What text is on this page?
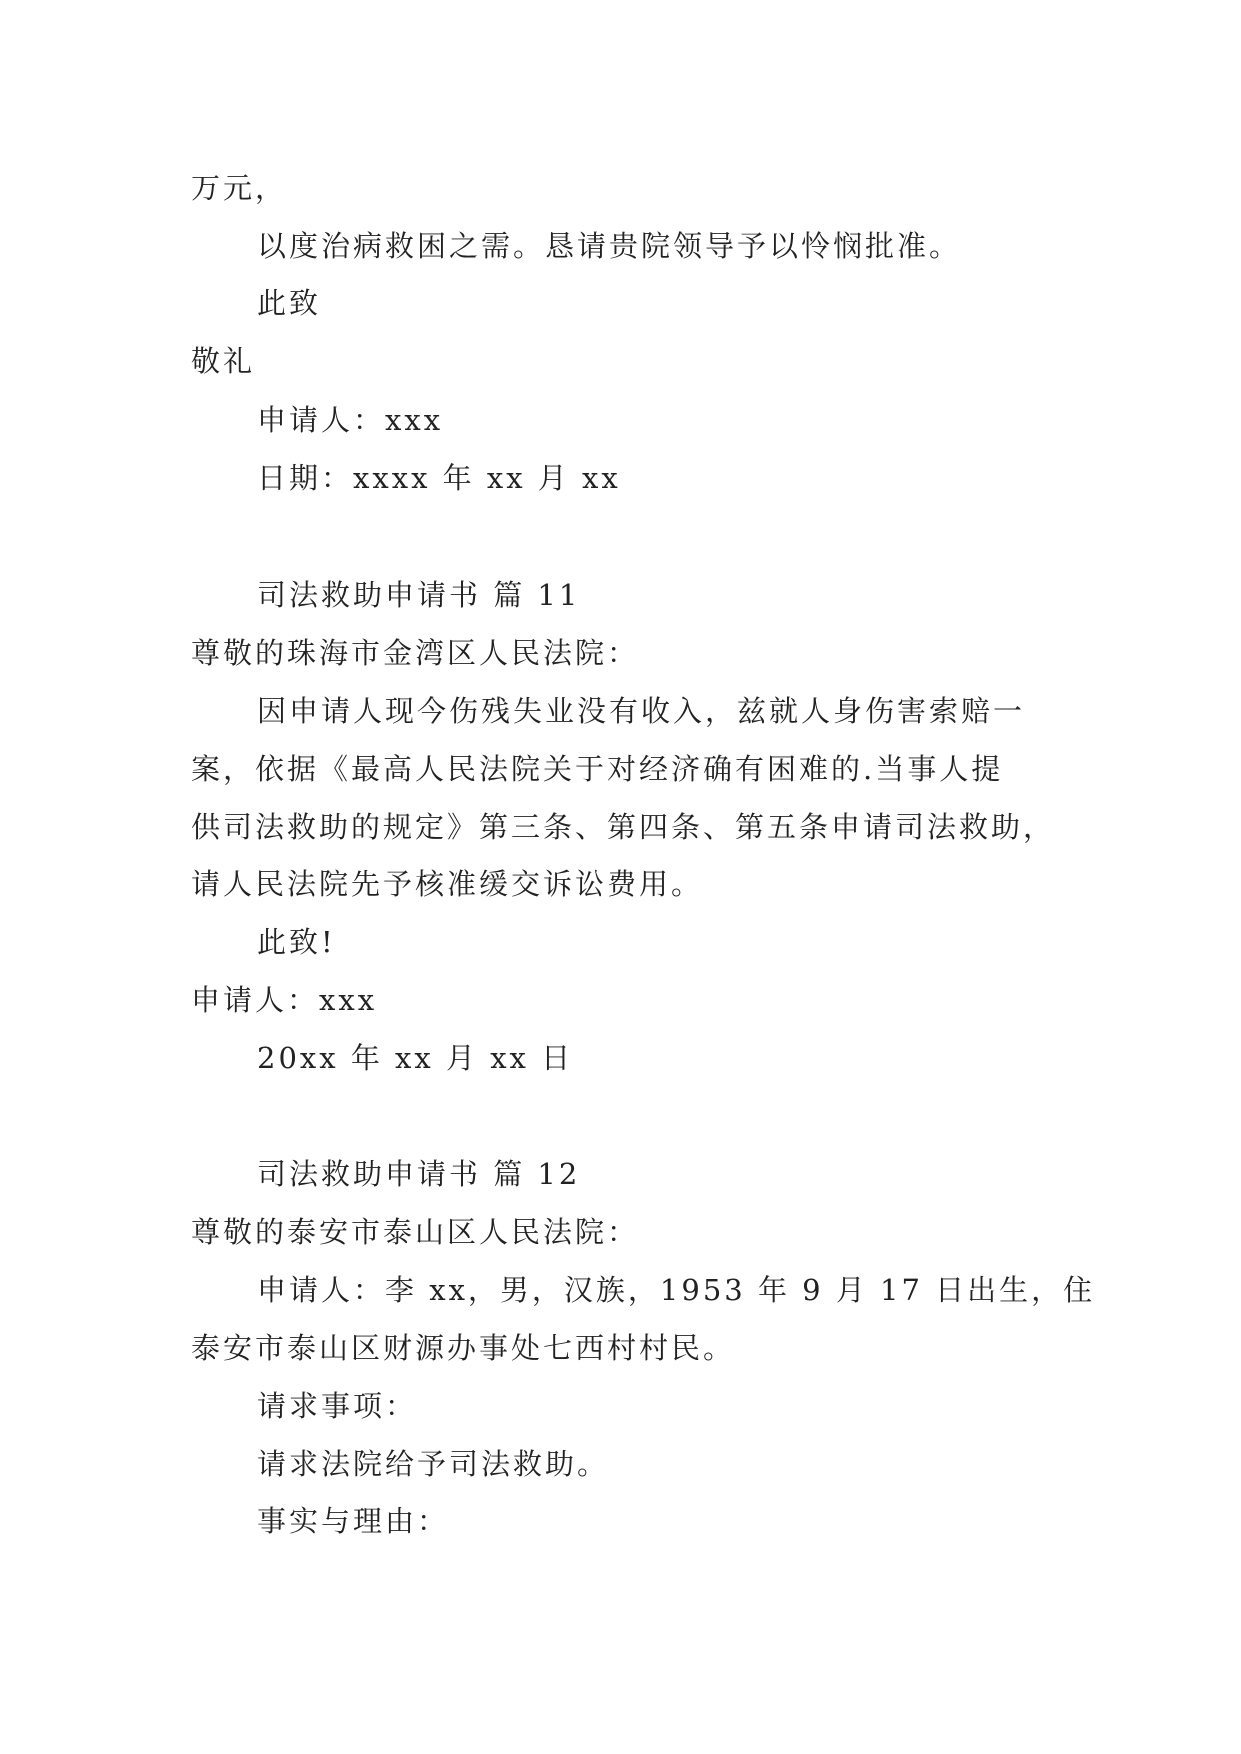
万元，
以度治病救困之需。恳请贵院领导予以怜悯批准。
此致
敬礼
申请人：xxx
日期：xxxx 年 xx 月 xx
司法救助申请书 篇 11
尊敬的珠海市金湾区人民法院：
因申请人现今伤残失业没有收入，兹就人身伤害索赔一
案，依据《最高人民法院关于对经济确有困难的.当事人提
供司法救助的规定》第三条、第四条、第五条申请司法救助，
请人民法院先予核准缓交诉讼费用。
此致!
申请人：xxx
20xx 年 xx 月 xx 日
司法救助申请书 篇 12
尊敬的泰安市泰山区人民法院：
申请人：李 xx，男，汉族，1953 年 9 月 17 日出生，住
泰安市泰山区财源办事处七西村村民。
请求事项：
请求法院给予司法救助。
事实与理由：
